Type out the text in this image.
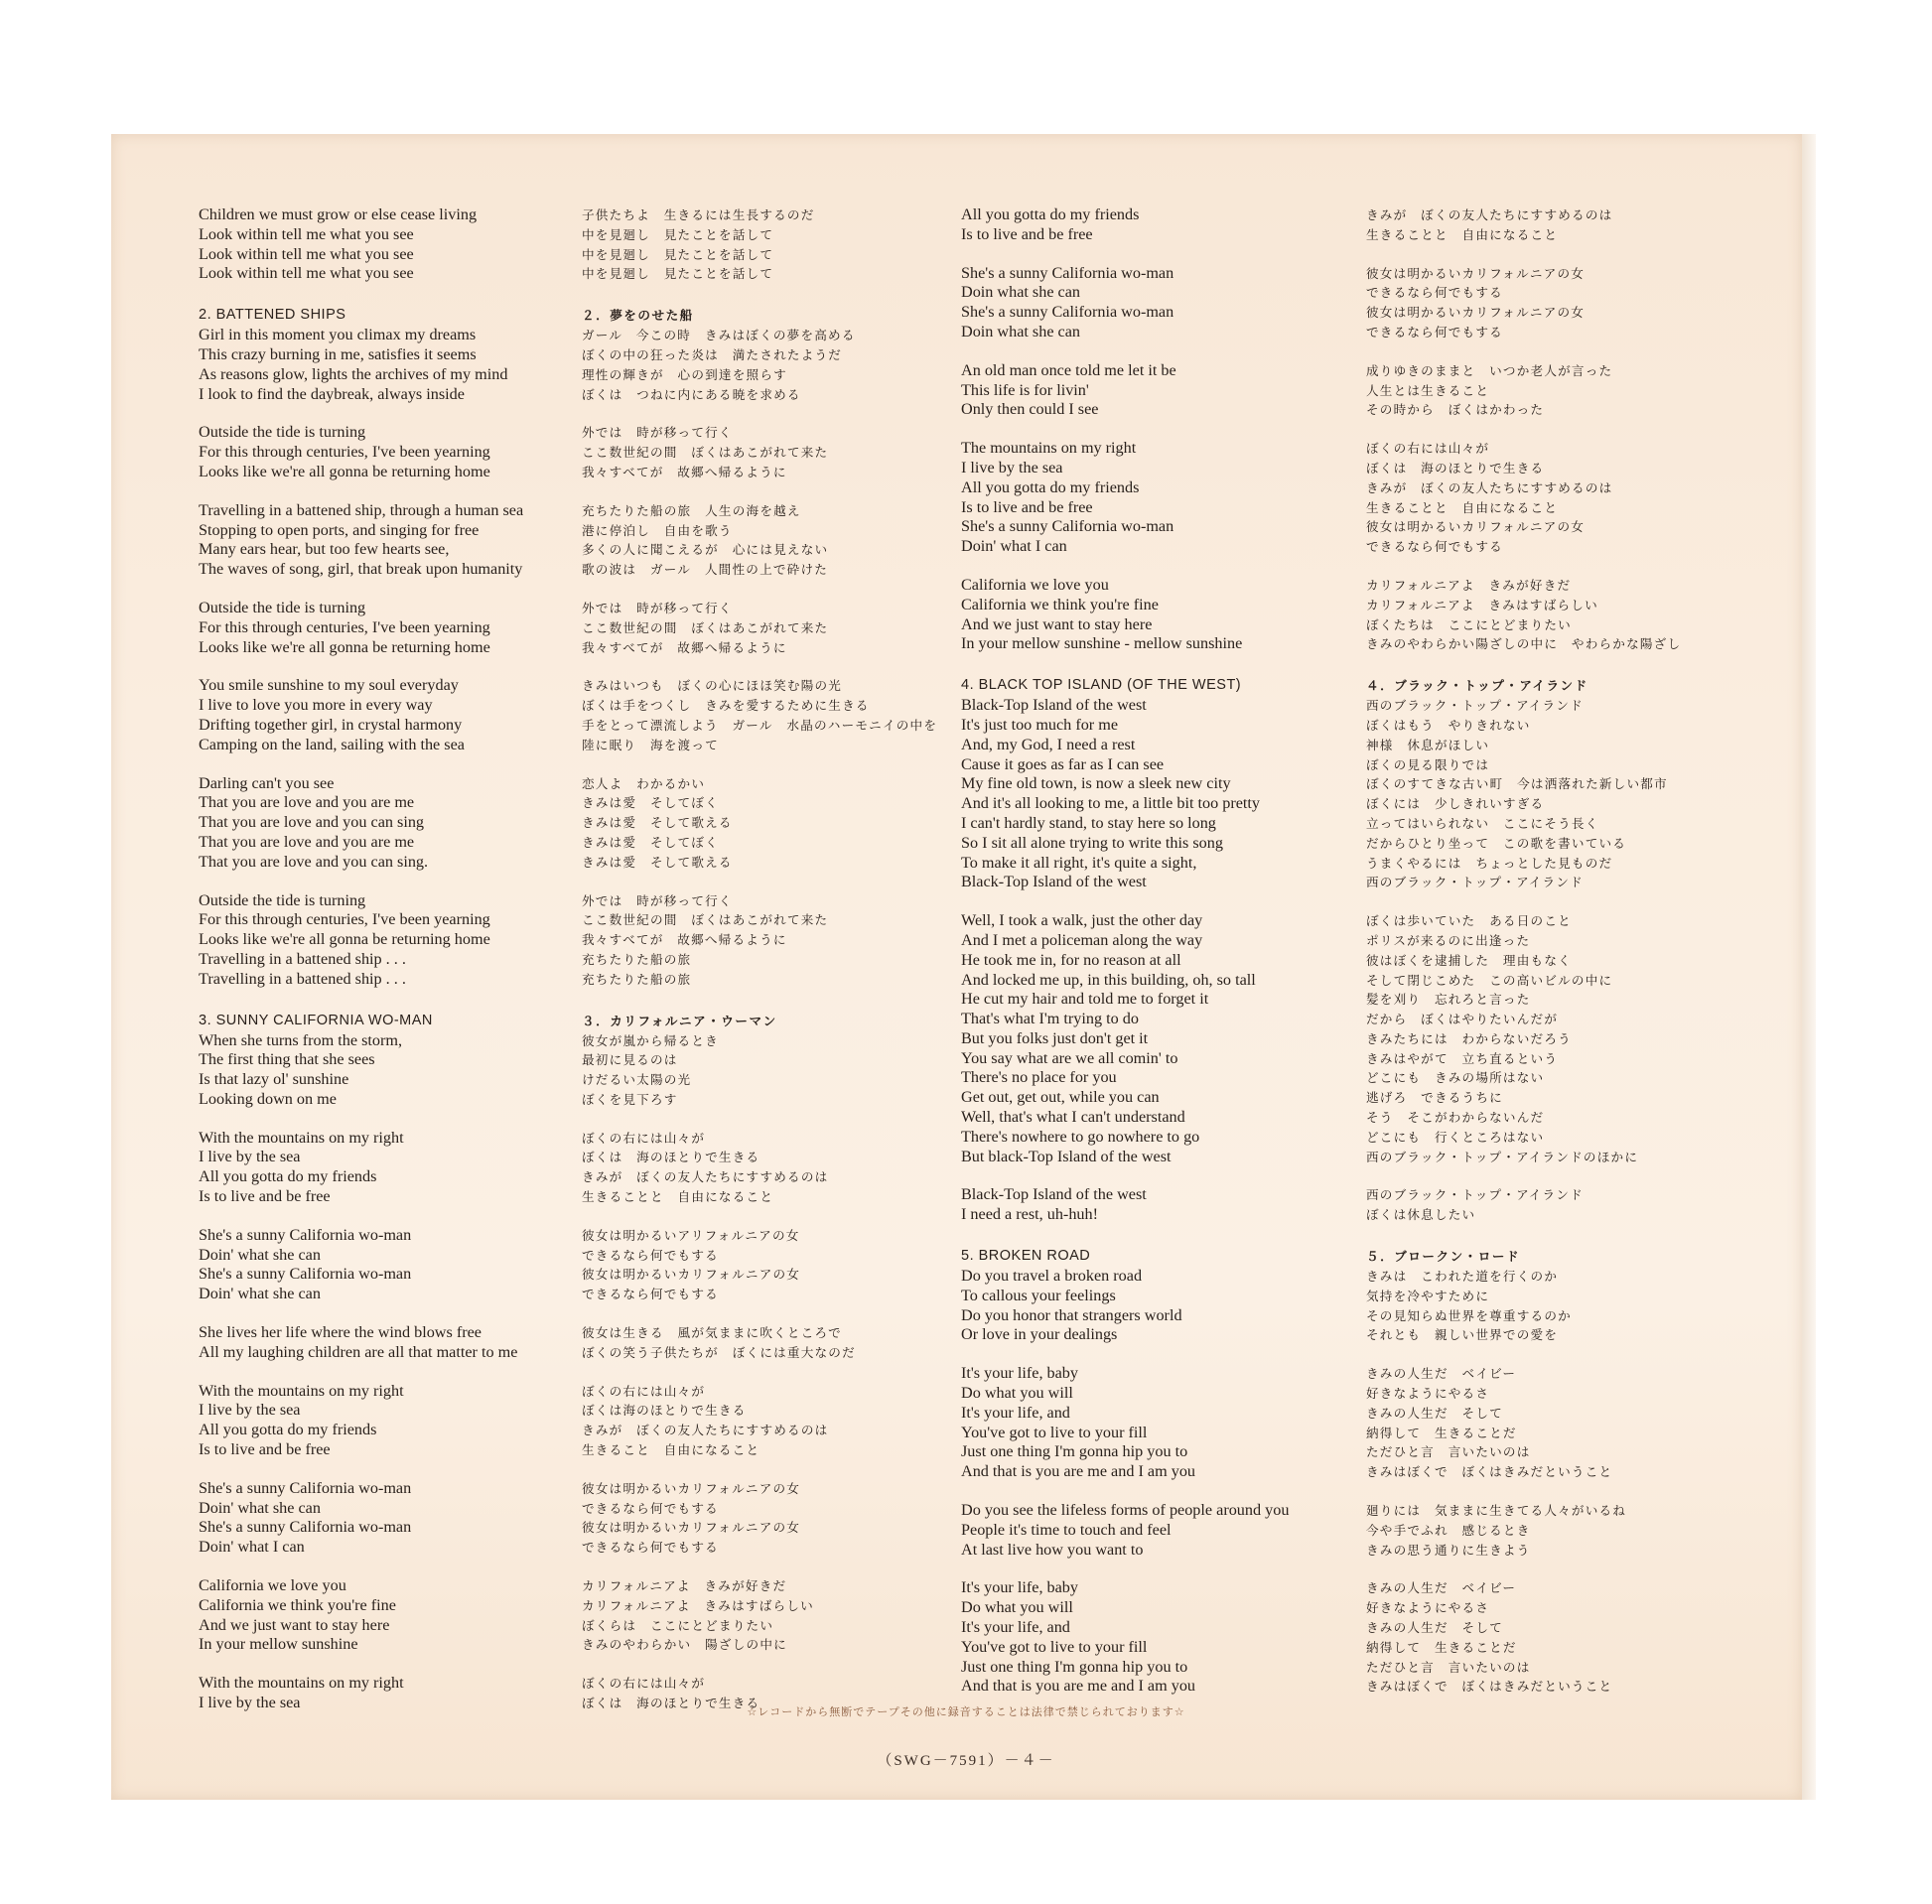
Children we must grow or else cease living
Look within tell me what you see
Look within tell me what you see
Look within tell me what you see
2. BATTENED SHIPS
Girl in this moment you climax my dreams
This crazy burning in me, satisfies it seems
As reasons glow, lights the archives of my mind
I look to find the daybreak, always inside
Outside the tide is turning
For this through centuries, I've been yearning
Looks like we're all gonna be returning home
Travelling in a battened ship, through a human sea
Stopping to open ports, and singing for free
Many ears hear, but too few hearts see,
The waves of song, girl, that break upon humanity
Outside the tide is turning
For this through centuries, I've been yearning
Looks like we're all gonna be returning home
You smile sunshine to my soul everyday
I live to love you more in every way
Drifting together girl, in crystal harmony
Camping on the land, sailing with the sea
Darling can't you see
That you are love and you are me
That you are love and you can sing
That you are love and you are me
That you are love and you can sing.
Outside the tide is turning
For this through centuries, I've been yearning
Looks like we're all gonna be returning home
Travelling in a battened ship . . .
Travelling in a battened ship . . .
3. SUNNY CALIFORNIA WO-MAN
When she turns from the storm,
The first thing that she sees
Is that lazy ol' sunshine
Looking down on me
With the mountains on my right
I live by the sea
All you gotta do my friends
Is to live and be free
She's a sunny California wo-man
Doin' what she can
She's a sunny California wo-man
Doin' what she can
She lives her life where the wind blows free
All my laughing children are all that matter to me
With the mountains on my right
I live by the sea
All you gotta do my friends
Is to live and be free
She's a sunny California wo-man
Doin' what she can
She's a sunny California wo-man
Doin' what I can
California we love you
California we think you're fine
And we just want to stay here
In your mellow sunshine
With the mountains on my right
I live by the sea
子供たちよ　生きるには生長するのだ
中を見廻し　見たことを話して
中を見廻し　見たことを話して
中を見廻し　見たことを話して
２．夢をのせた船
ガール　今この時　きみはぼくの夢を高める
ぼくの中の狂った炎は　満たされたようだ
理性の輝きが　心の到達を照らす
ぼくは　つねに内にある暁を求める
外では　時が移って行く
ここ数世紀の間　ぼくはあこがれて来た
我々すべてが　故郷へ帰るように
充ちたりた船の旅　人生の海を越え
港に停泊し　自由を歌う
多くの人に聞こえるが　心には見えない
歌の波は　ガール　人間性の上で砕けた
外では　時が移って行く
ここ数世紀の間　ぼくはあこがれて来た
我々すべてが　故郷へ帰るように
きみはいつも　ぼくの心にほほ笑む陽の光
ぼくは手をつくし　きみを愛するために生きる
手をとって漂流しよう　ガール　水晶のハーモニイの中を
陸に眠り　海を渡って
恋人よ　わかるかい
きみは愛　そしてぼく
きみは愛　そして歌える
きみは愛　そしてぼく
きみは愛　そして歌える
外では　時が移って行く
ここ数世紀の間　ぼくはあこがれて来た
我々すべてが　故郷へ帰るように
充ちたりた船の旅
充ちたりた船の旅
３．カリフォルニア・ウーマン
彼女が嵐から帰るとき
最初に見るのは
けだるい太陽の光
ぼくを見下ろす
ぼくの右には山々が
ぼくは　海のほとりで生きる
きみが　ぼくの友人たちにすすめるのは
生きることと　自由になること
彼女は明かるいアリフォルニアの女
できるなら何でもする
彼女は明かるいカリフォルニアの女
できるなら何でもする
彼女は生きる　風が気ままに吹くところで
ぼくの笑う子供たちが　ぼくには重大なのだ
ぼくの右には山々が
ぼくは海のほとりで生きる
きみが　ぼくの友人たちにすすめるのは
生きること　自由になること
彼女は明かるいカリフォルニアの女
できるなら何でもする
彼女は明かるいカリフォルニアの女
できるなら何でもする
カリフォルニアよ　きみが好きだ
カリフォルニアよ　きみはすばらしい
ぼくらは　ここにとどまりたい
きみのやわらかい　陽ざしの中に
ぼくの右には山々が
ぼくは　海のほとりで生きる
All you gotta do my friends
Is to live and be free
She's a sunny California wo-man
Doin what she can
She's a sunny California wo-man
Doin what she can
An old man once told me let it be
This life is for livin'
Only then could I see
The mountains on my right
I live by the sea
All you gotta do my friends
Is to live and be free
She's a sunny California wo-man
Doin' what I can
California we love you
California we think you're fine
And we just want to stay here
In your mellow sunshine - mellow sunshine
4. BLACK TOP ISLAND (OF THE WEST)
Black-Top Island of the west
It's just too much for me
And, my God, I need a rest
Cause it goes as far as I can see
My fine old town, is now a sleek new city
And it's all looking to me, a little bit too pretty
I can't hardly stand, to stay here so long
So I sit all alone trying to write this song
To make it all right, it's quite a sight,
Black-Top Island of the west
Well, I took a walk, just the other day
And I met a policeman along the way
He took me in, for no reason at all
And locked me up, in this building, oh, so tall
He cut my hair and told me to forget it
That's what I'm trying to do
But you folks just don't get it
You say what are we all comin' to
There's no place for you
Get out, get out, while you can
Well, that's what I can't understand
There's nowhere to go nowhere to go
But black-Top Island of the west
Black-Top Island of the west
I need a rest, uh-huh!
5. BROKEN ROAD
Do you travel a broken road
To callous your feelings
Do you honor that strangers world
Or love in your dealings
It's your life, baby
Do what you will
It's your life, and
You've got to live to your fill
Just one thing I'm gonna hip you to
And that is you are me and I am you
Do you see the lifeless forms of people around you
People it's time to touch and feel
At last live how you want to
It's your life, baby
Do what you will
It's your life, and
You've got to live to your fill
Just one thing I'm gonna hip you to
And that is you are me and I am you
きみが　ぼくの友人たちにすすめるのは
生きることと　自由になること
彼女は明かるいカリフォルニアの女
できるなら何でもする
彼女は明かるいカリフォルニアの女
できるなら何でもする
成りゆきのままと　いつか老人が言った
人生とは生きること
その時から　ぼくはかわった
ぼくの右には山々が
ぼくは　海のほとりで生きる
きみが　ぼくの友人たちにすすめるのは
生きることと　自由になること
彼女は明かるいカリフォルニアの女
できるなら何でもする
カリフォルニアよ　きみが好きだ
カリフォルニアよ　きみはすばらしい
ぼくたちは　ここにとどまりたい
きみのやわらかい陽ざしの中に　やわらかな陽ざし
４．ブラック・トップ・アイランド
西のブラック・トップ・アイランド
ぼくはもう　やりきれない
神様　休息がほしい
ぼくの見る限りでは
ぼくのすてきな古い町　今は洒落れた新しい都市
ぼくには　少しきれいすぎる
立ってはいられない　ここにそう長く
だからひとり坐って　この歌を書いている
うまくやるには　ちょっとした見ものだ
西のブラック・トップ・アイランド
ぼくは歩いていた　ある日のこと
ポリスが来るのに出逢った
彼はぼくを逮捕した　理由もなく
そして閉じこめた　この高いビルの中に
髪を刈り　忘れろと言った
だから　ぼくはやりたいんだが
きみたちには　わからないだろう
きみはやがて　立ち直るという
どこにも　きみの場所はない
逃げろ　できるうちに
そう　そこがわからないんだ
どこにも　行くところはない
西のブラック・トップ・アイランドのほかに
西のブラック・トップ・アイランド
ぼくは休息したい
５．ブロークン・ロード
きみは　こわれた道を行くのか
気持を冷やすために
その見知らぬ世界を尊重するのか
それとも　親しい世界での愛を
きみの人生だ　ベイビー
好きなようにやるさ
きみの人生だ　そして
納得して　生きることだ
ただひと言　言いたいのは
きみはぼくで　ぼくはきみだということ
廻りには　気ままに生きてる人々がいるね
今や手でふれ　感じるとき
きみの思う通りに生きよう
きみの人生だ　ベイビー
好きなようにやるさ
きみの人生だ　そして
納得して　生きることだ
ただひと言　言いたいのは
きみはぼくで　ぼくはきみだということ
☆レコードから無断でテープその他に録音することは法律で禁じられております☆
（SWG－7591）－４－
